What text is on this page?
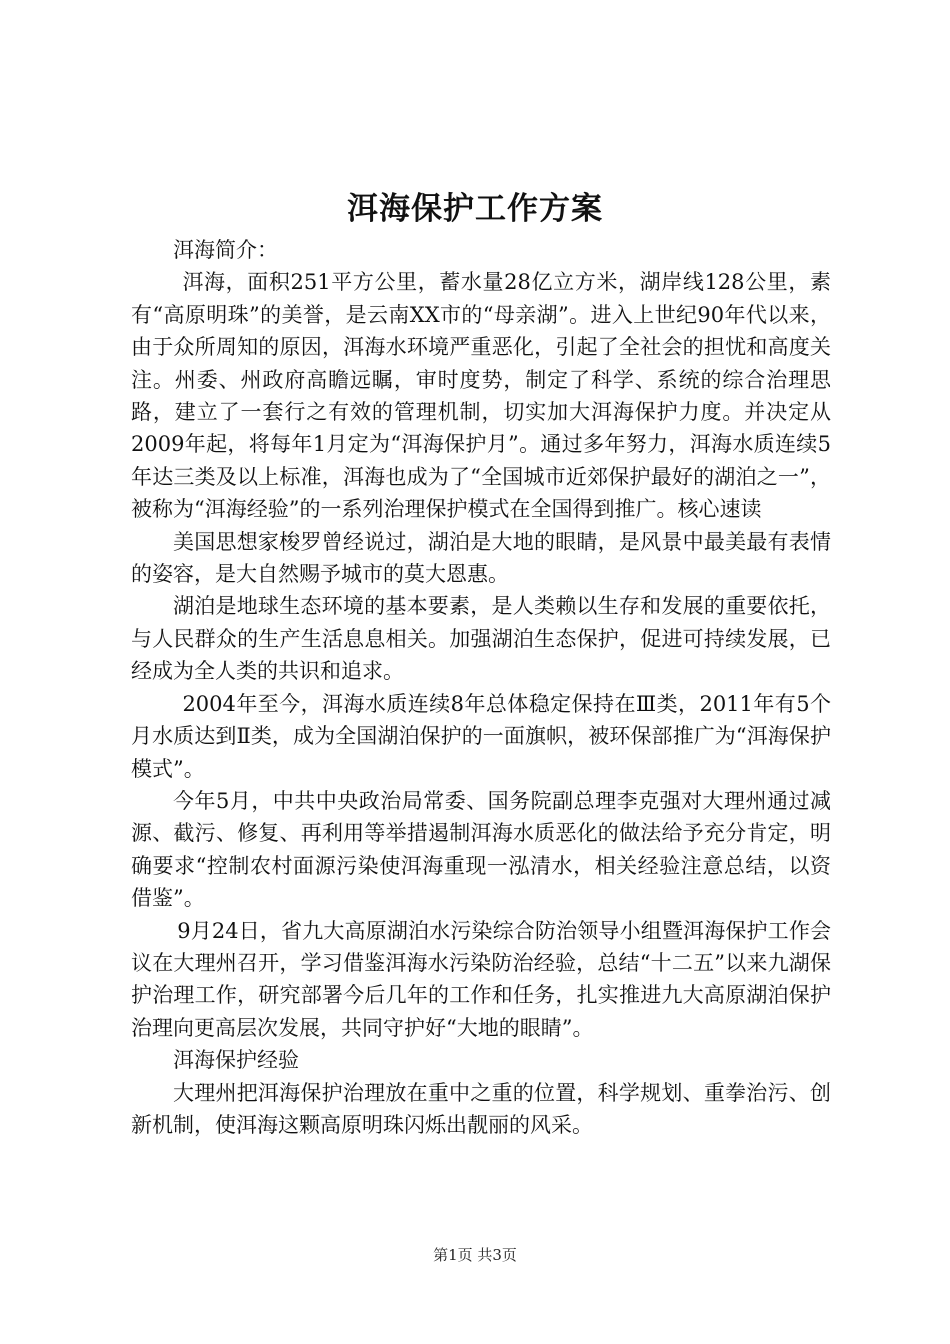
洱海保护工作方案

洱海简介：

洱海，面积251平方公里，蓄水量28亿立方米，湖岸线128公里，素有“高原明珠”的美誉，是云南XX市的“母亲湖”。进入上世纪90年代以来，由于众所周知的原因，洱海水环境严重恶化，引起了全社会的担忧和高度关注。州委、州政府高瞻远瞩，审时度势，制定了科学、系统的综合治理思路，建立了一套行之有效的管理机制，切实加大洱海保护力度。并决定从2009年起，将每年1月定为“洱海保护月”。通过多年努力，洱海水质连续5年达三类及以上标准，洱海也成为了“全国城市近郊保护最好的湖泊之一”，被称为“洱海经验”的一系列治理保护模式在全国得到推广。核心速读

美国思想家梭罗曾经说过，湖泊是大地的眼睛，是风景中最美最有表情的姿容，是大自然赐予城市的莫大恩惠。

湖泊是地球生态环境的基本要素，是人类赖以生存和发展的重要依托，与人民群众的生产生活息息相关。加强湖泊生态保护，促进可持续发展，已经成为全人类的共识和追求。

2004年至今，洱海水质连续8年总体稳定保持在Ⅲ类，2011年有5个月水质达到Ⅱ类，成为全国湖泊保护的一面旗帜，被环保部推广为“洱海保护模式”。

今年5月，中共中央政治局常委、国务院副总理李克强对大理州通过减源、截污、修复、再利用等举措遏制洱海水质恶化的做法给予充分肯定，明确要求“控制农村面源污染使洱海重现一泓清水，相关经验注意总结，以资借鉴”。

9月24日，省九大高原湖泊水污染综合防治领导小组暨洱海保护工作会议在大理州召开，学习借鉴洱海水污染防治经验，总结“十二五”以来九湖保护治理工作，研究部署今后几年的工作和任务，扎实推进九大高原湖泊保护治理向更高层次发展，共同守护好“大地的眼睛”。

洱海保护经验

大理州把洱海保护治理放在重中之重的位置，科学规划、重拳治污、创新机制，使洱海这颗高原明珠闪烁出靓丽的风采。

第1页 共3页
